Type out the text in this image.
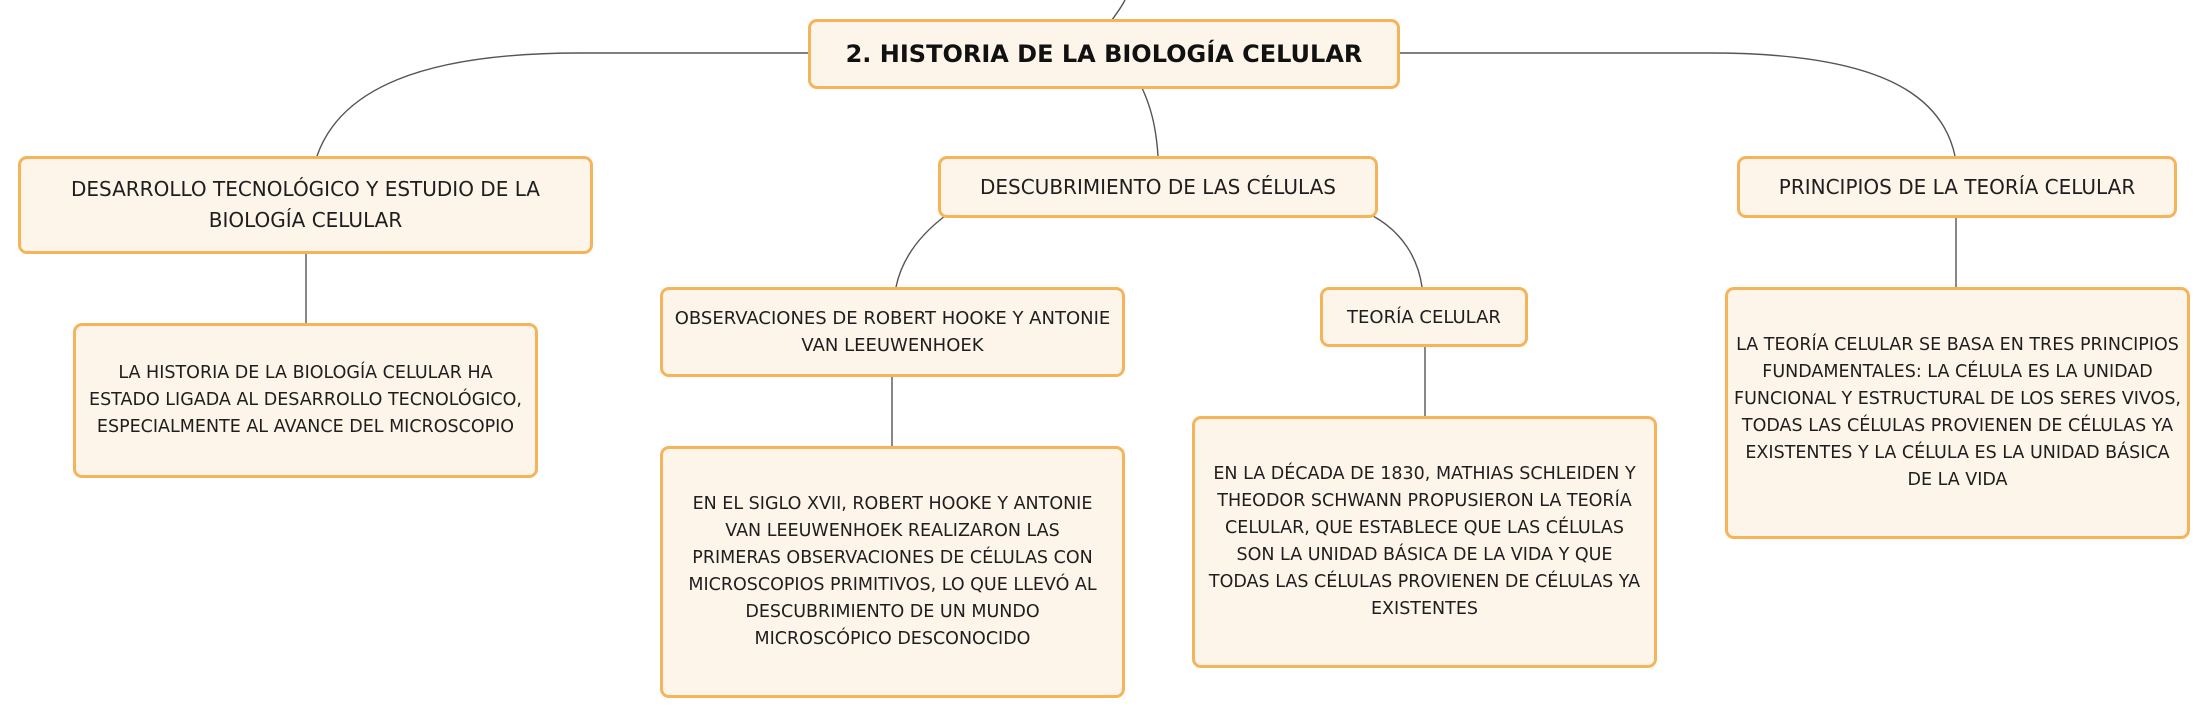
2. HISTORIA DE LA BIOLOGÍA CELULAR
DESARROLLO TECNOLÓGICO Y ESTUDIO DE LA BIOLOGÍA CELULAR
LA HISTORIA DE LA BIOLOGÍA CELULAR HA ESTADO LIGADA AL DESARROLLO TECNOLÓGICO, ESPECIALMENTE AL AVANCE DEL MICROSCOPIO
DESCUBRIMIENTO DE LAS CÉLULAS
OBSERVACIONES DE ROBERT HOOKE Y ANTONIE VAN LEEUWENHOEK
EN EL SIGLO XVII, ROBERT HOOKE Y ANTONIE VAN LEEUWENHOEK REALIZARON LAS PRIMERAS OBSERVACIONES DE CÉLULAS CON MICROSCOPIOS PRIMITIVOS, LO QUE LLEVÓ AL DESCUBRIMIENTO DE UN MUNDO MICROSCÓPICO DESCONOCIDO
TEORÍA CELULAR
EN LA DÉCADA DE 1830, MATHIAS SCHLEIDEN Y THEODOR SCHWANN PROPUSIERON LA TEORÍA CELULAR, QUE ESTABLECE QUE LAS CÉLULAS SON LA UNIDAD BÁSICA DE LA VIDA Y QUE TODAS LAS CÉLULAS PROVIENEN DE CÉLULAS YA EXISTENTES
PRINCIPIOS DE LA TEORÍA CELULAR
LA TEORÍA CELULAR SE BASA EN TRES PRINCIPIOS FUNDAMENTALES: LA CÉLULA ES LA UNIDAD FUNCIONAL Y ESTRUCTURAL DE LOS SERES VIVOS, TODAS LAS CÉLULAS PROVIENEN DE CÉLULAS YA EXISTENTES Y LA CÉLULA ES LA UNIDAD BÁSICA DE LA VIDA
